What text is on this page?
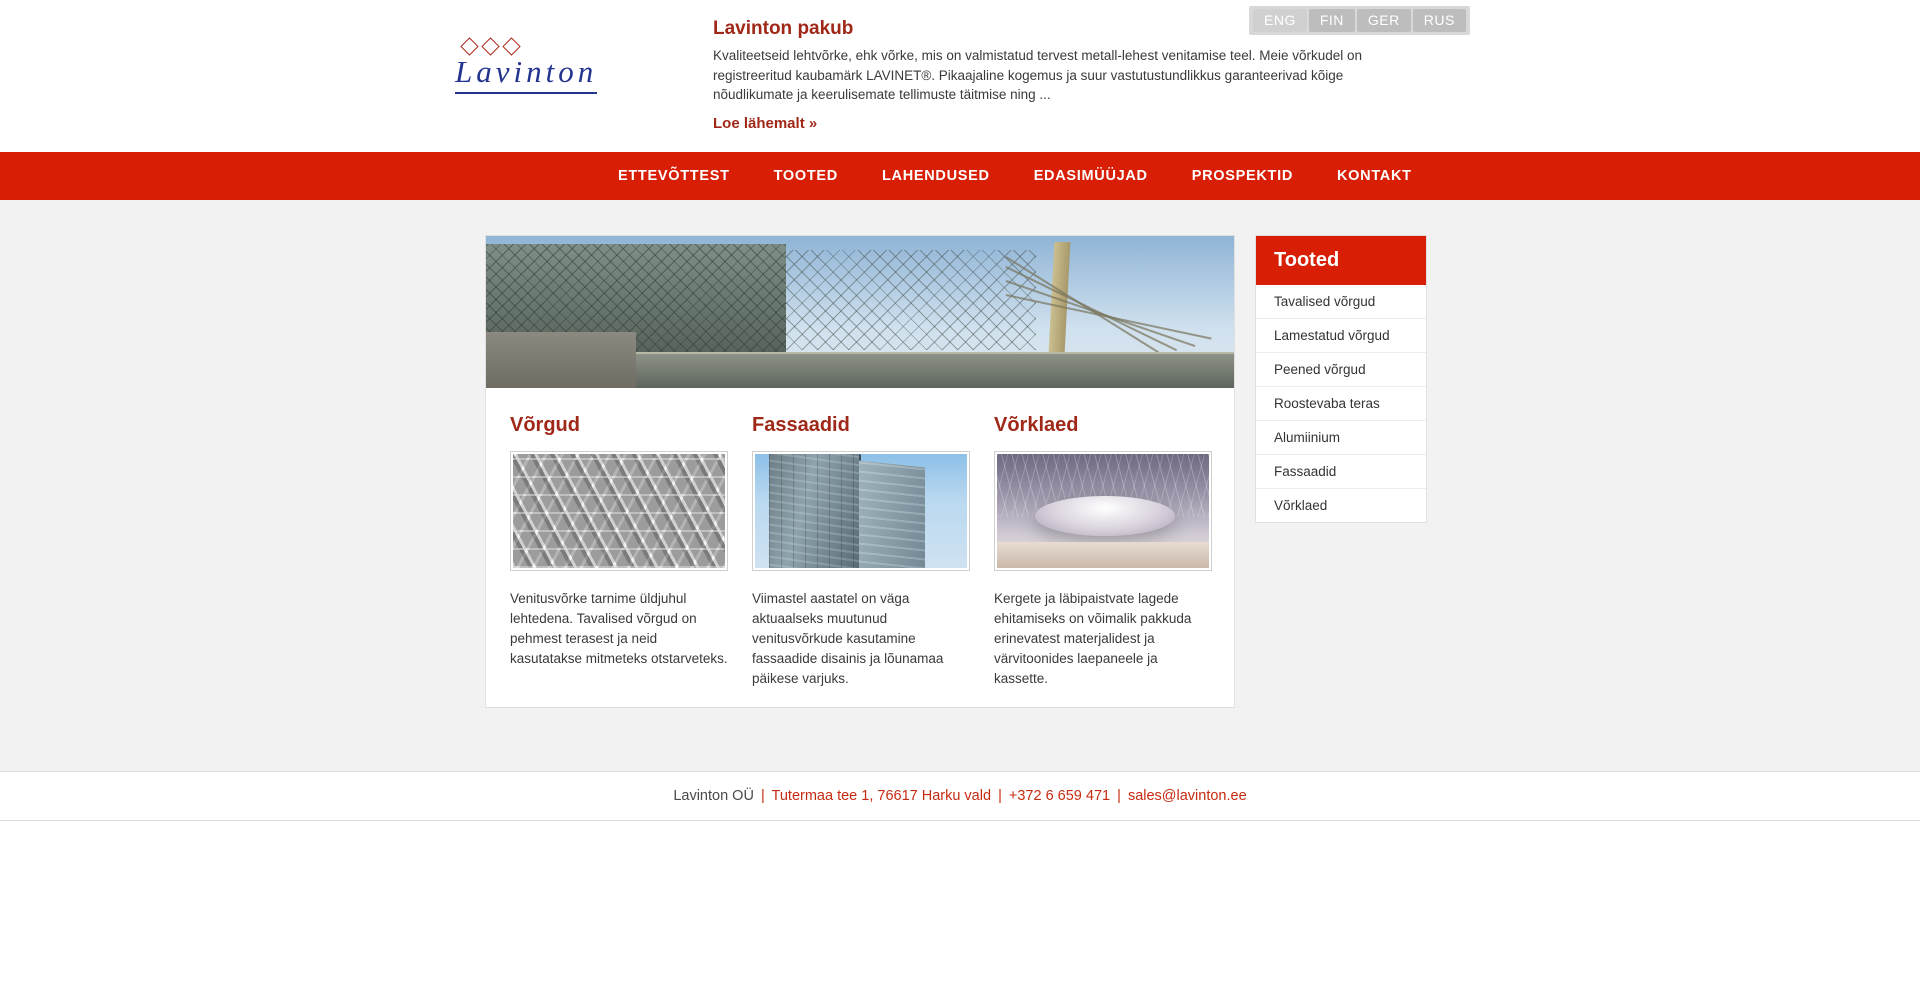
ENG	FIN	GER	RUS
Lavinton
Lavinton pakub

Kvaliteetseid lehtvõrke, ehk võrke, mis on valmistatud tervest metall-lehest venitamise teel. Meie võrkudel on registreeritud kaubamärk LAVINET®. Pikaajaline kogemus ja suur vastutustundlikkus garanteerivad kõige nõudlikumate ja keerulisemate tellimuste täitmise ning ...

Loe lähemalt »
ETTEVÕTTEST	TOOTED	LAHENDUSED	EDASIMÜÜJAD	PROSPEKTID	KONTAKT
Võrgud

Venitusvõrke tarnime üldjuhul lehtedena. Tavalised võrgud on pehmest terasest ja neid kasutatakse mitmeteks otstarveteks.

Fassaadid

Viimastel aastatel on väga aktuaalseks muutunud venitusvõrkude kasutamine fassaadide disainis ja lõunamaa päikese varjuks.

Võrklaed

Kergete ja läbipaistvate lagede ehitamiseks on võimalik pakkuda erinevatest materjalidest ja värvitoonides laepaneele ja kassette.

Tooted
Tavalised võrgud
Lamestatud võrgud
Peened võrgud
Roostevaba teras
Alumiinium
Fassaadid
Võrklaed
Lavinton OÜ | Tutermaa tee 1, 76617 Harku vald | +372 6 659 471 | sales@lavinton.ee
